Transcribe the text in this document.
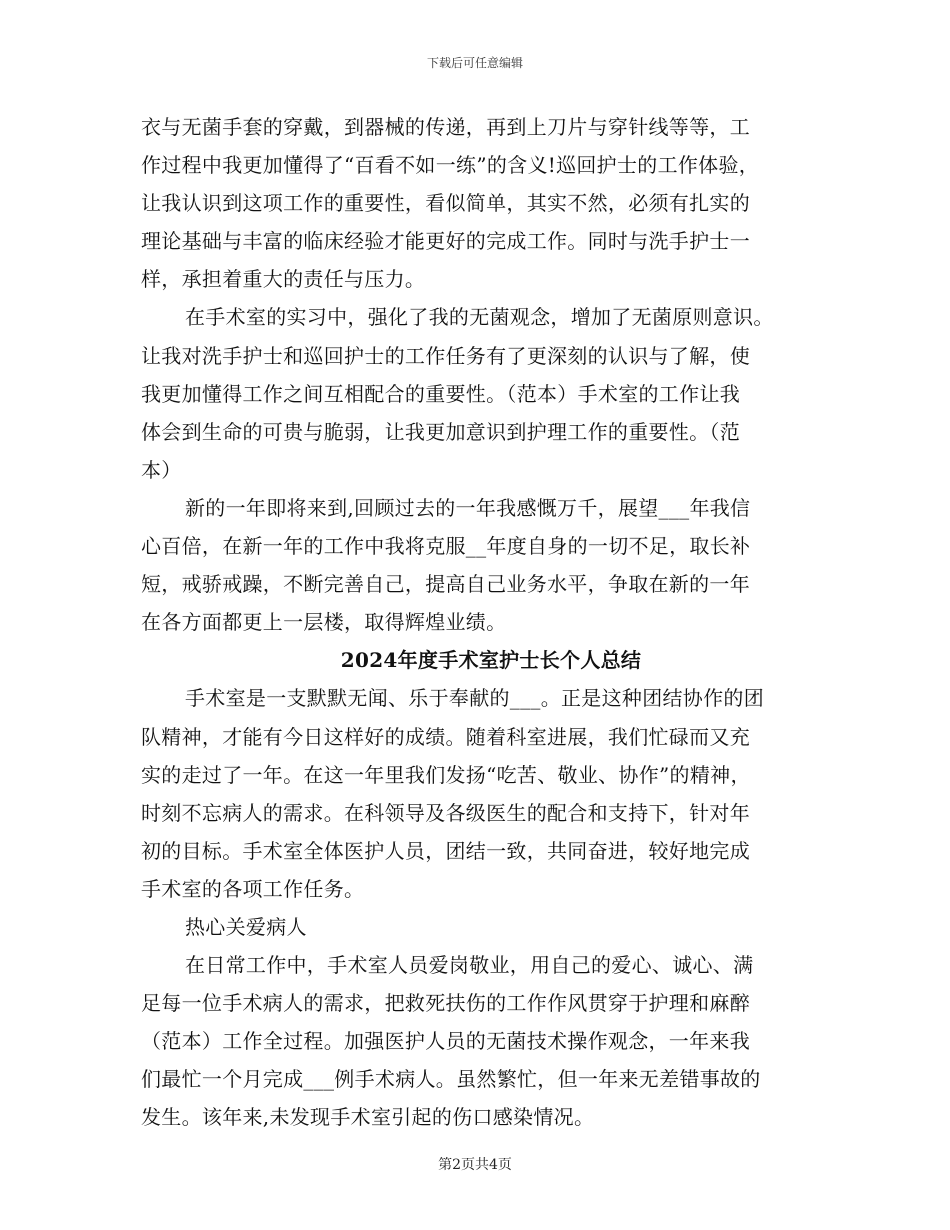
下载后可任意编辑
衣与无菌手套的穿戴，到器械的传递，再到上刀片与穿针线等等，工
作过程中我更加懂得了“百看不如一练”的含义!巡回护士的工作体验，
让我认识到这项工作的重要性，看似简单，其实不然，必须有扎实的
理论基础与丰富的临床经验才能更好的完成工作。同时与洗手护士一
样，承担着重大的责任与压力。
在手术室的实习中，强化了我的无菌观念，增加了无菌原则意识。
让我对洗手护士和巡回护士的工作任务有了更深刻的认识与了解，使
我更加懂得工作之间互相配合的重要性。（范本）手术室的工作让我
体会到生命的可贵与脆弱，让我更加意识到护理工作的重要性。（范
本）
新的一年即将来到,回顾过去的一年我感慨万千，展望___年我信
心百倍，在新一年的工作中我将克服__年度自身的一切不足，取长补
短，戒骄戒躁，不断完善自己，提高自己业务水平，争取在新的一年
在各方面都更上一层楼，取得辉煌业绩。
2024年度手术室护士长个人总结
手术室是一支默默无闻、乐于奉献的___。正是这种团结协作的团
队精神，才能有今日这样好的成绩。随着科室进展，我们忙碌而又充
实的走过了一年。在这一年里我们发扬“吃苦、敬业、协作”的精神，
时刻不忘病人的需求。在科领导及各级医生的配合和支持下，针对年
初的目标。手术室全体医护人员，团结一致，共同奋进，较好地完成
手术室的各项工作任务。
热心关爱病人
在日常工作中，手术室人员爱岗敬业，用自己的爱心、诚心、满
足每一位手术病人的需求，把救死扶伤的工作作风贯穿于护理和麻醉
（范本）工作全过程。加强医护人员的无菌技术操作观念，一年来我
们最忙一个月完成___例手术病人。虽然繁忙，但一年来无差错事故的
发生。该年来,未发现手术室引起的伤口感染情况。
第2页共4页
